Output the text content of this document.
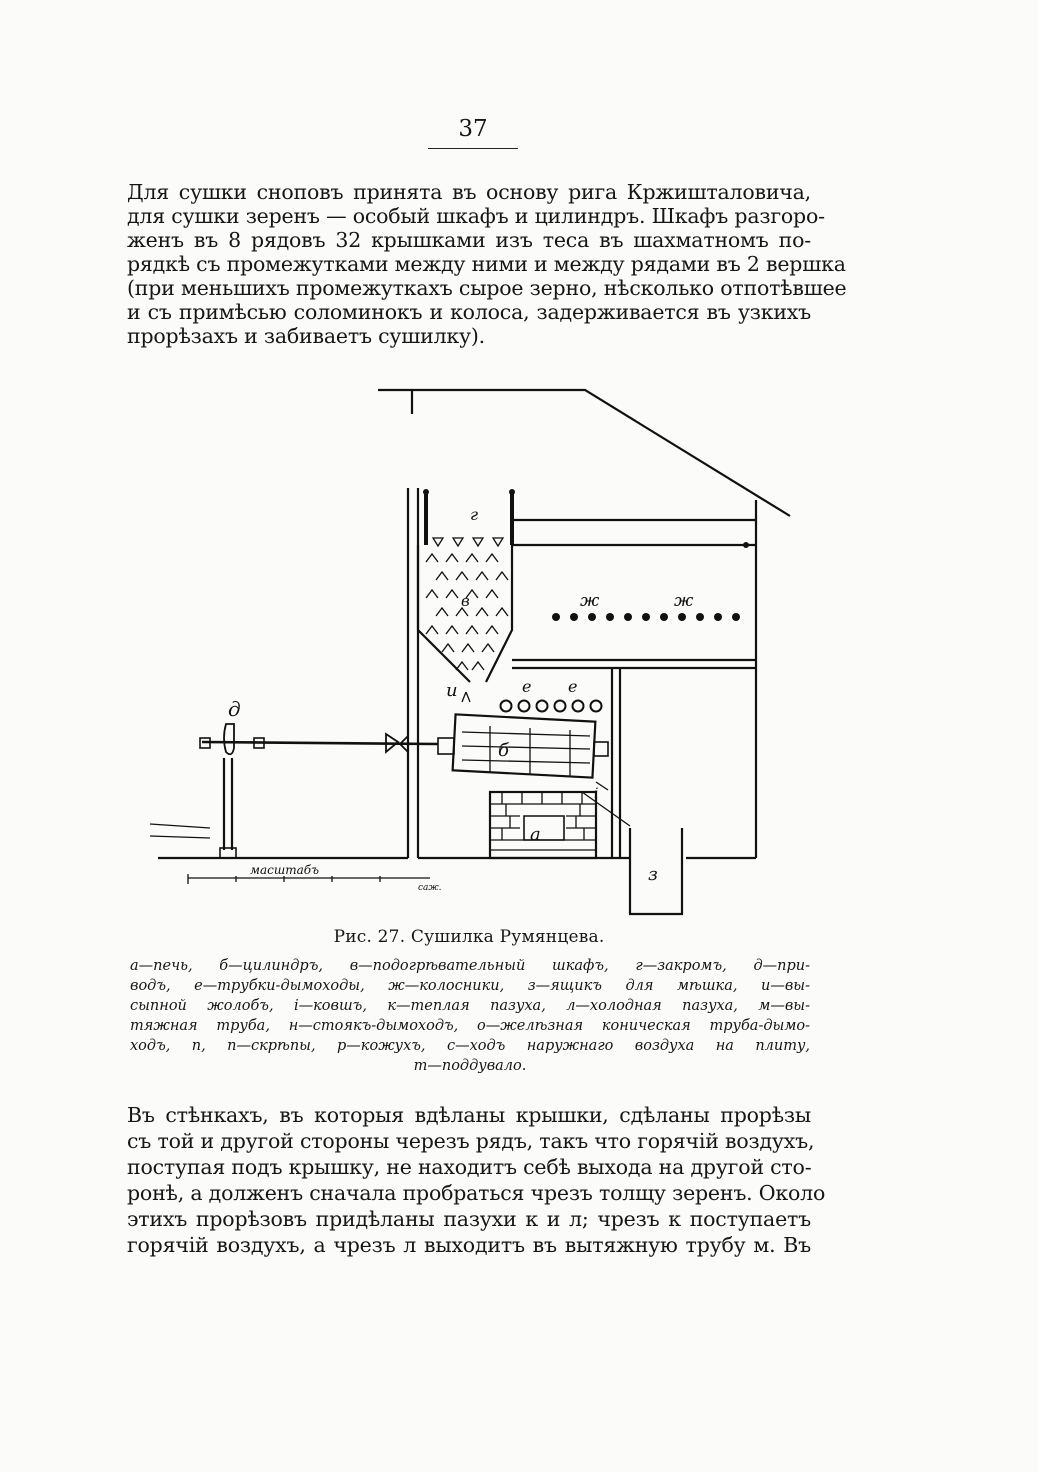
37
Для сушки сноповъ принята въ основу рига Кржишталовича,
для сушки зеренъ — особый шкафъ и цилиндръ. Шкафъ разгоро-
женъ въ 8 рядовъ 32 крышками изъ теса въ шахматномъ по-
рядкѣ съ промежутками между ними и между рядами въ 2 вершка
(при меньшихъ промежуткахъ сырое зерно, нѣсколько отпотѣвшее
и съ примѣсью соломинокъ и колоса, задерживается въ узкихъ
прорѣзахъ и забиваетъ сушилку).
г
в	ж	ж
и	е е
д
б
і
а
з
масштабъ
саж.
Рис. 27. Сушилка Румянцева.
а—печь, б—цилиндръ, в—подогрѣвательный шкафъ, г—закромъ, д—при-
водъ, е—трубки-дымоходы, ж—колосники, з—ящикъ для мѣшка, и—вы-
сыпной жолобъ, і—ковшъ, к—теплая пазуха, л—холодная пазуха, м—вы-
тяжная труба, н—стоякъ-дымоходъ, о—желѣзная коническая труба-дымо-
ходъ, п, п—скрѣпы, р—кожухъ, с—ходъ наружнаго воздуха на плиту,
т—поддувало.
Въ стѣнкахъ, въ которыя вдѣланы крышки, сдѣланы прорѣзы
съ той и другой стороны черезъ рядъ, такъ что горячій воздухъ,
поступая подъ крышку, не находитъ себѣ выхода на другой сто-
ронѣ, а долженъ сначала пробраться чрезъ толщу зеренъ. Около
этихъ прорѣзовъ придѣланы пазухи к и л; чрезъ к поступаетъ
горячій воздухъ, а чрезъ л выходитъ въ вытяжную трубу м. Въ
